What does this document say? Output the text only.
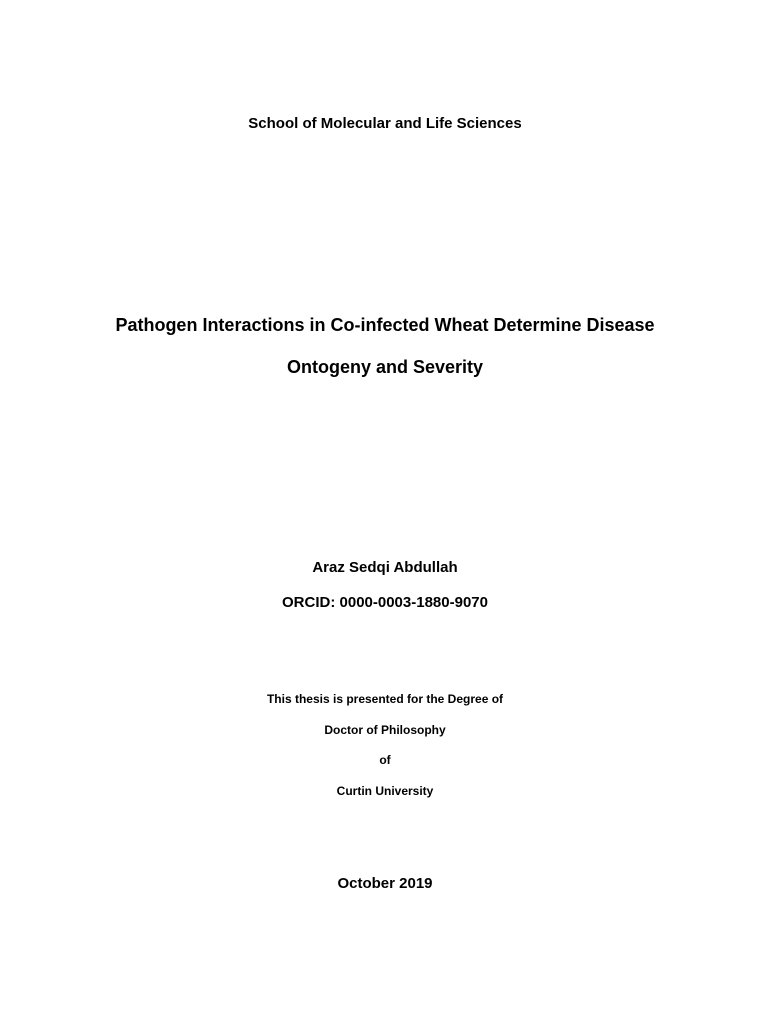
School of Molecular and Life Sciences
Pathogen Interactions in Co-infected Wheat Determine Disease
Ontogeny and Severity
Araz Sedqi Abdullah
ORCID: 0000-0003-1880-9070
This thesis is presented for the Degree of
Doctor of Philosophy
of
Curtin University
October 2019
